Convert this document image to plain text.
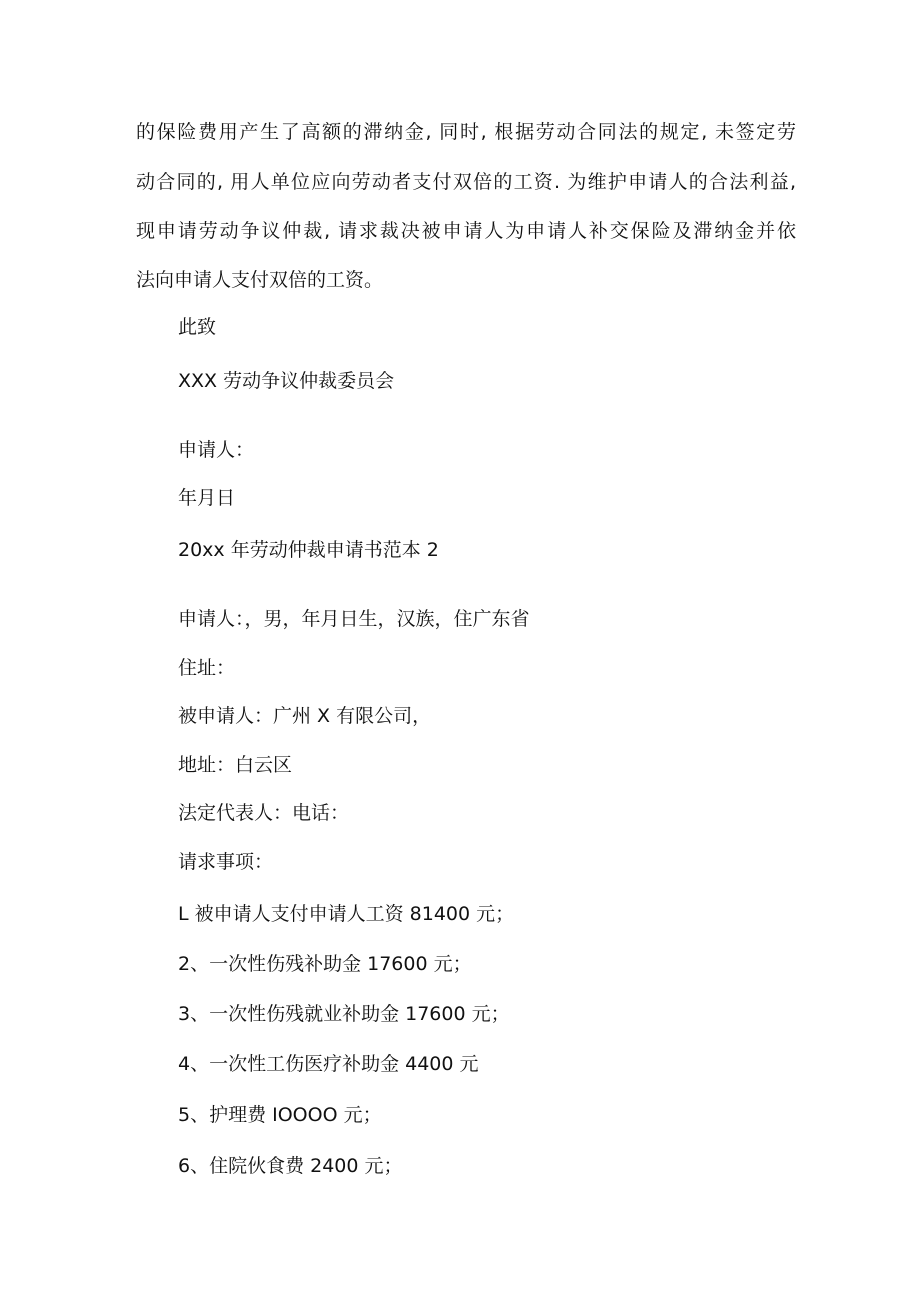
的保险费用产生了高额的滞纳金, 同时, 根据劳动合同法的规定, 未签定劳
动合同的, 用人单位应向劳动者支付双倍的工资. 为维护申请人的合法利益,
现申请劳动争议仲裁, 请求裁决被申请人为申请人补交保险及滞纳金并依
法向申请人支付双倍的工资。
此致
XXX 劳动争议仲裁委员会
申请人：
年月日
20xx 年劳动仲裁申请书范本 2
申请人：，男，年月日生，汉族，住广东省
住址：
被申请人：广州 X 有限公司，
地址：白云区
法定代表人：电话：
请求事项：
L 被申请人支付申请人工资 81400 元；
2、一次性伤残补助金 17600 元；
3、一次性伤残就业补助金 17600 元；
4、一次性工伤医疗补助金 4400 元
5、护理费 IOOOO 元；
6、住院伙食费 2400 元；
